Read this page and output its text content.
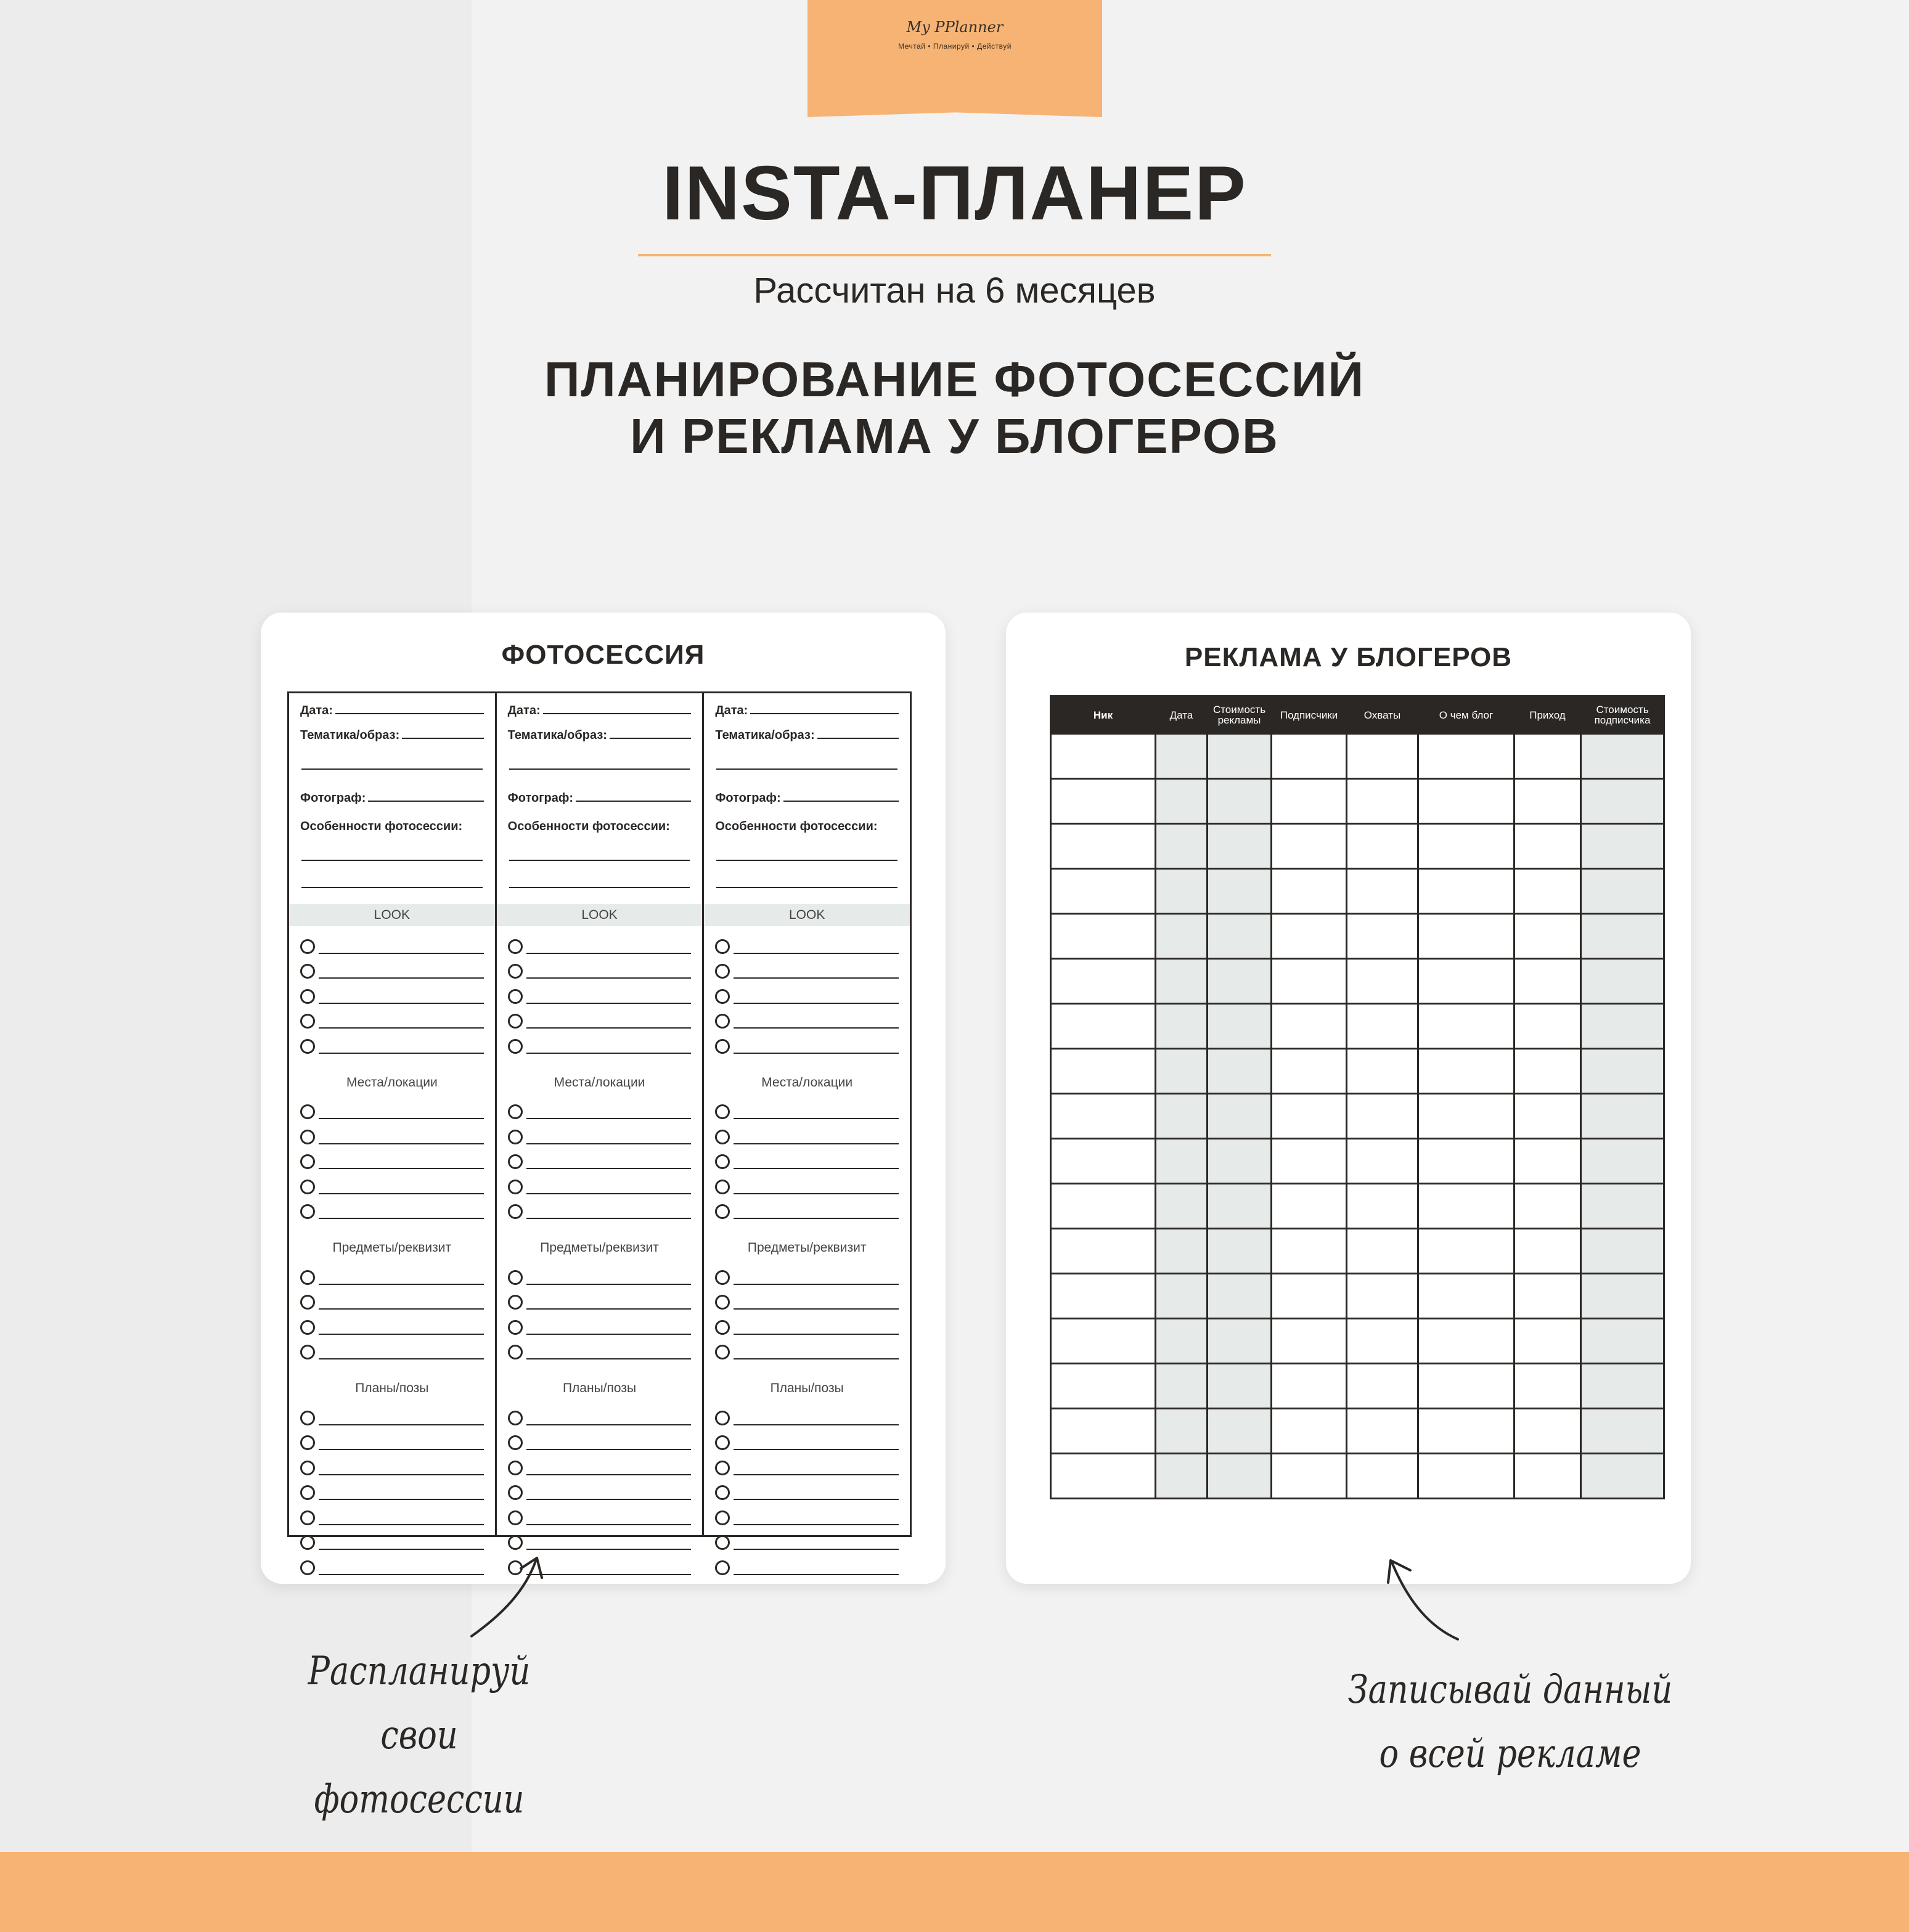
My PPlanner
Мечтай • Планируй • Действуй
INSTA-ПЛАНЕР
Рассчитан на 6 месяцев
ПЛАНИРОВАНИЕ ФОТОСЕССИЙ
И РЕКЛАМА У БЛОГЕРОВ
ФОТОСЕССИЯ
Дата:
Тематика/образ:
Фотограф:
Особенности фотосессии:
LOOK
Места/локации
Предметы/реквизит
Планы/позы
Дата:
Тематика/образ:
Фотограф:
Особенности фотосессии:
LOOK
Места/локации
Предметы/реквизит
Планы/позы
Дата:
Тематика/образ:
Фотограф:
Особенности фотосессии:
LOOK
Места/локации
Предметы/реквизит
Планы/позы
РЕКЛАМА У БЛОГЕРОВ
Ник	Дата	Стоимость рекламы	Подписчики	Охваты	О чем блог	Приход	Стоимость подписчика

Распланируй свои
фотосессии
Записывай данный
о всей рекламе
